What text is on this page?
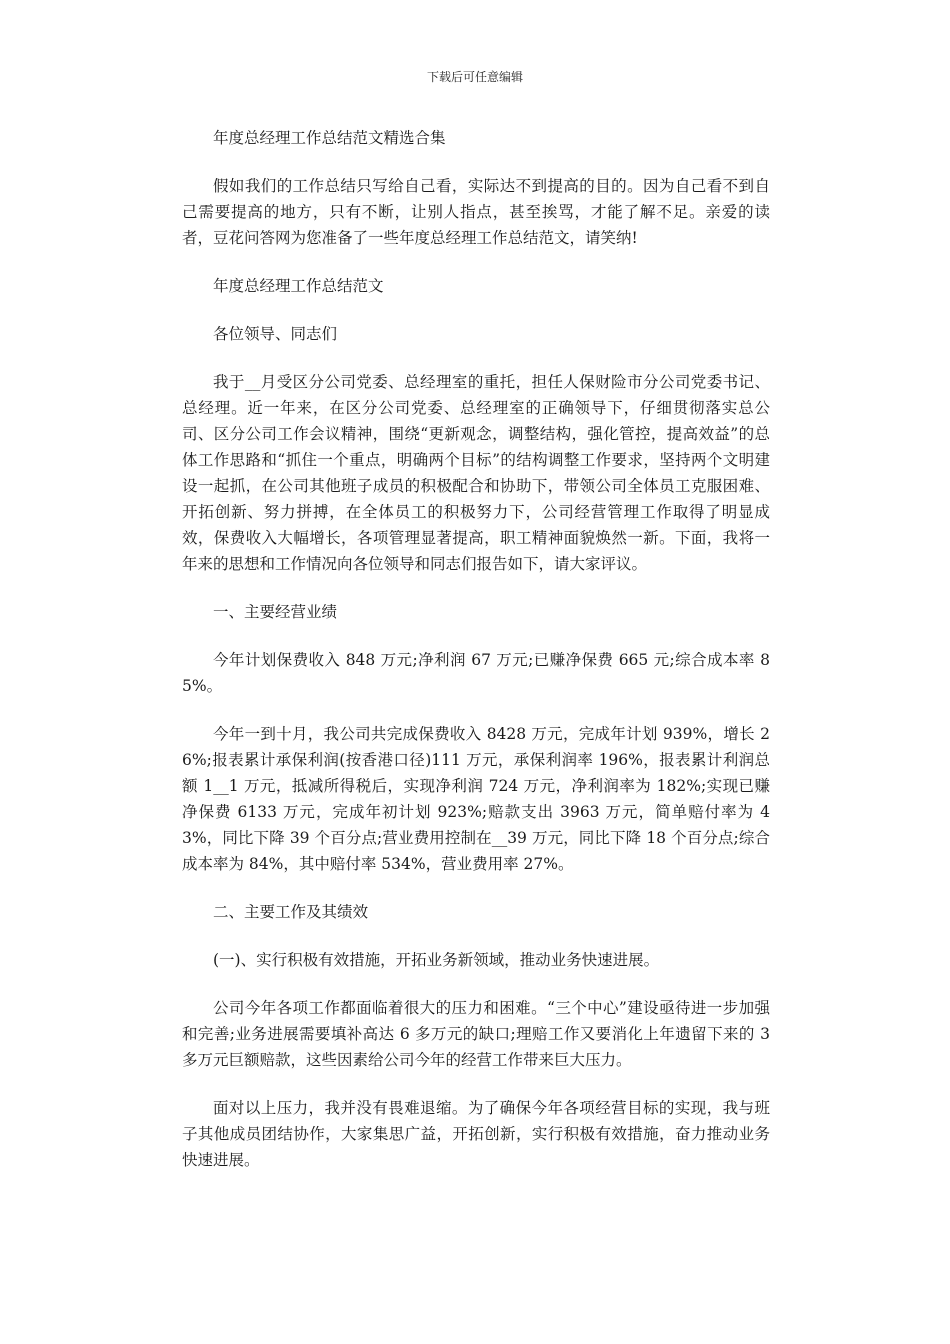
下载后可任意编辑

年度总经理工作总结范文精选合集

假如我们的工作总结只写给自己看，实际达不到提高的目的。因为自己看不到自己需要提高的地方，只有不断，让别人指点，甚至挨骂，才能了解不足。亲爱的读者，豆花问答网为您准备了一些年度总经理工作总结范文，请笑纳!

年度总经理工作总结范文

各位领导、同志们

我于__月受区分公司党委、总经理室的重托，担任人保财险市分公司党委书记、总经理。近一年来，在区分公司党委、总经理室的正确领导下，仔细贯彻落实总公司、区分公司工作会议精神，围绕“更新观念，调整结构，强化管控，提高效益”的总体工作思路和“抓住一个重点，明确两个目标”的结构调整工作要求，坚持两个文明建设一起抓，在公司其他班子成员的积极配合和协助下，带领公司全体员工克服困难、开拓创新、努力拼搏，在全体员工的积极努力下，公司经营管理工作取得了明显成效，保费收入大幅增长，各项管理显著提高，职工精神面貌焕然一新。下面，我将一年来的思想和工作情况向各位领导和同志们报告如下，请大家评议。

一、主要经营业绩

今年计划保费收入 848 万元;净利润 67 万元;已赚净保费 665 元;综合成本率 85%。

今年一到十月，我公司共完成保费收入 8428 万元，完成年计划 939%，增长 26%;报表累计承保利润(按香港口径)111 万元，承保利润率 196%，报表累计利润总额 1__1 万元，抵减所得税后，实现净利润 724 万元，净利润率为 182%;实现已赚净保费 6133 万元，完成年初计划 923%;赔款支出 3963 万元，简单赔付率为 43%，同比下降 39 个百分点;营业费用控制在__39 万元，同比下降 18 个百分点;综合成本率为 84%，其中赔付率 534%，营业费用率 27%。

二、主要工作及其绩效

(一)、实行积极有效措施，开拓业务新领域，推动业务快速进展。

公司今年各项工作都面临着很大的压力和困难。“三个中心”建设亟待进一步加强和完善;业务进展需要填补高达 6 多万元的缺口;理赔工作又要消化上年遗留下来的 3 多万元巨额赔款，这些因素给公司今年的经营工作带来巨大压力。

面对以上压力，我并没有畏难退缩。为了确保今年各项经营目标的实现，我与班子其他成员团结协作，大家集思广益，开拓创新，实行积极有效措施，奋力推动业务快速进展。
